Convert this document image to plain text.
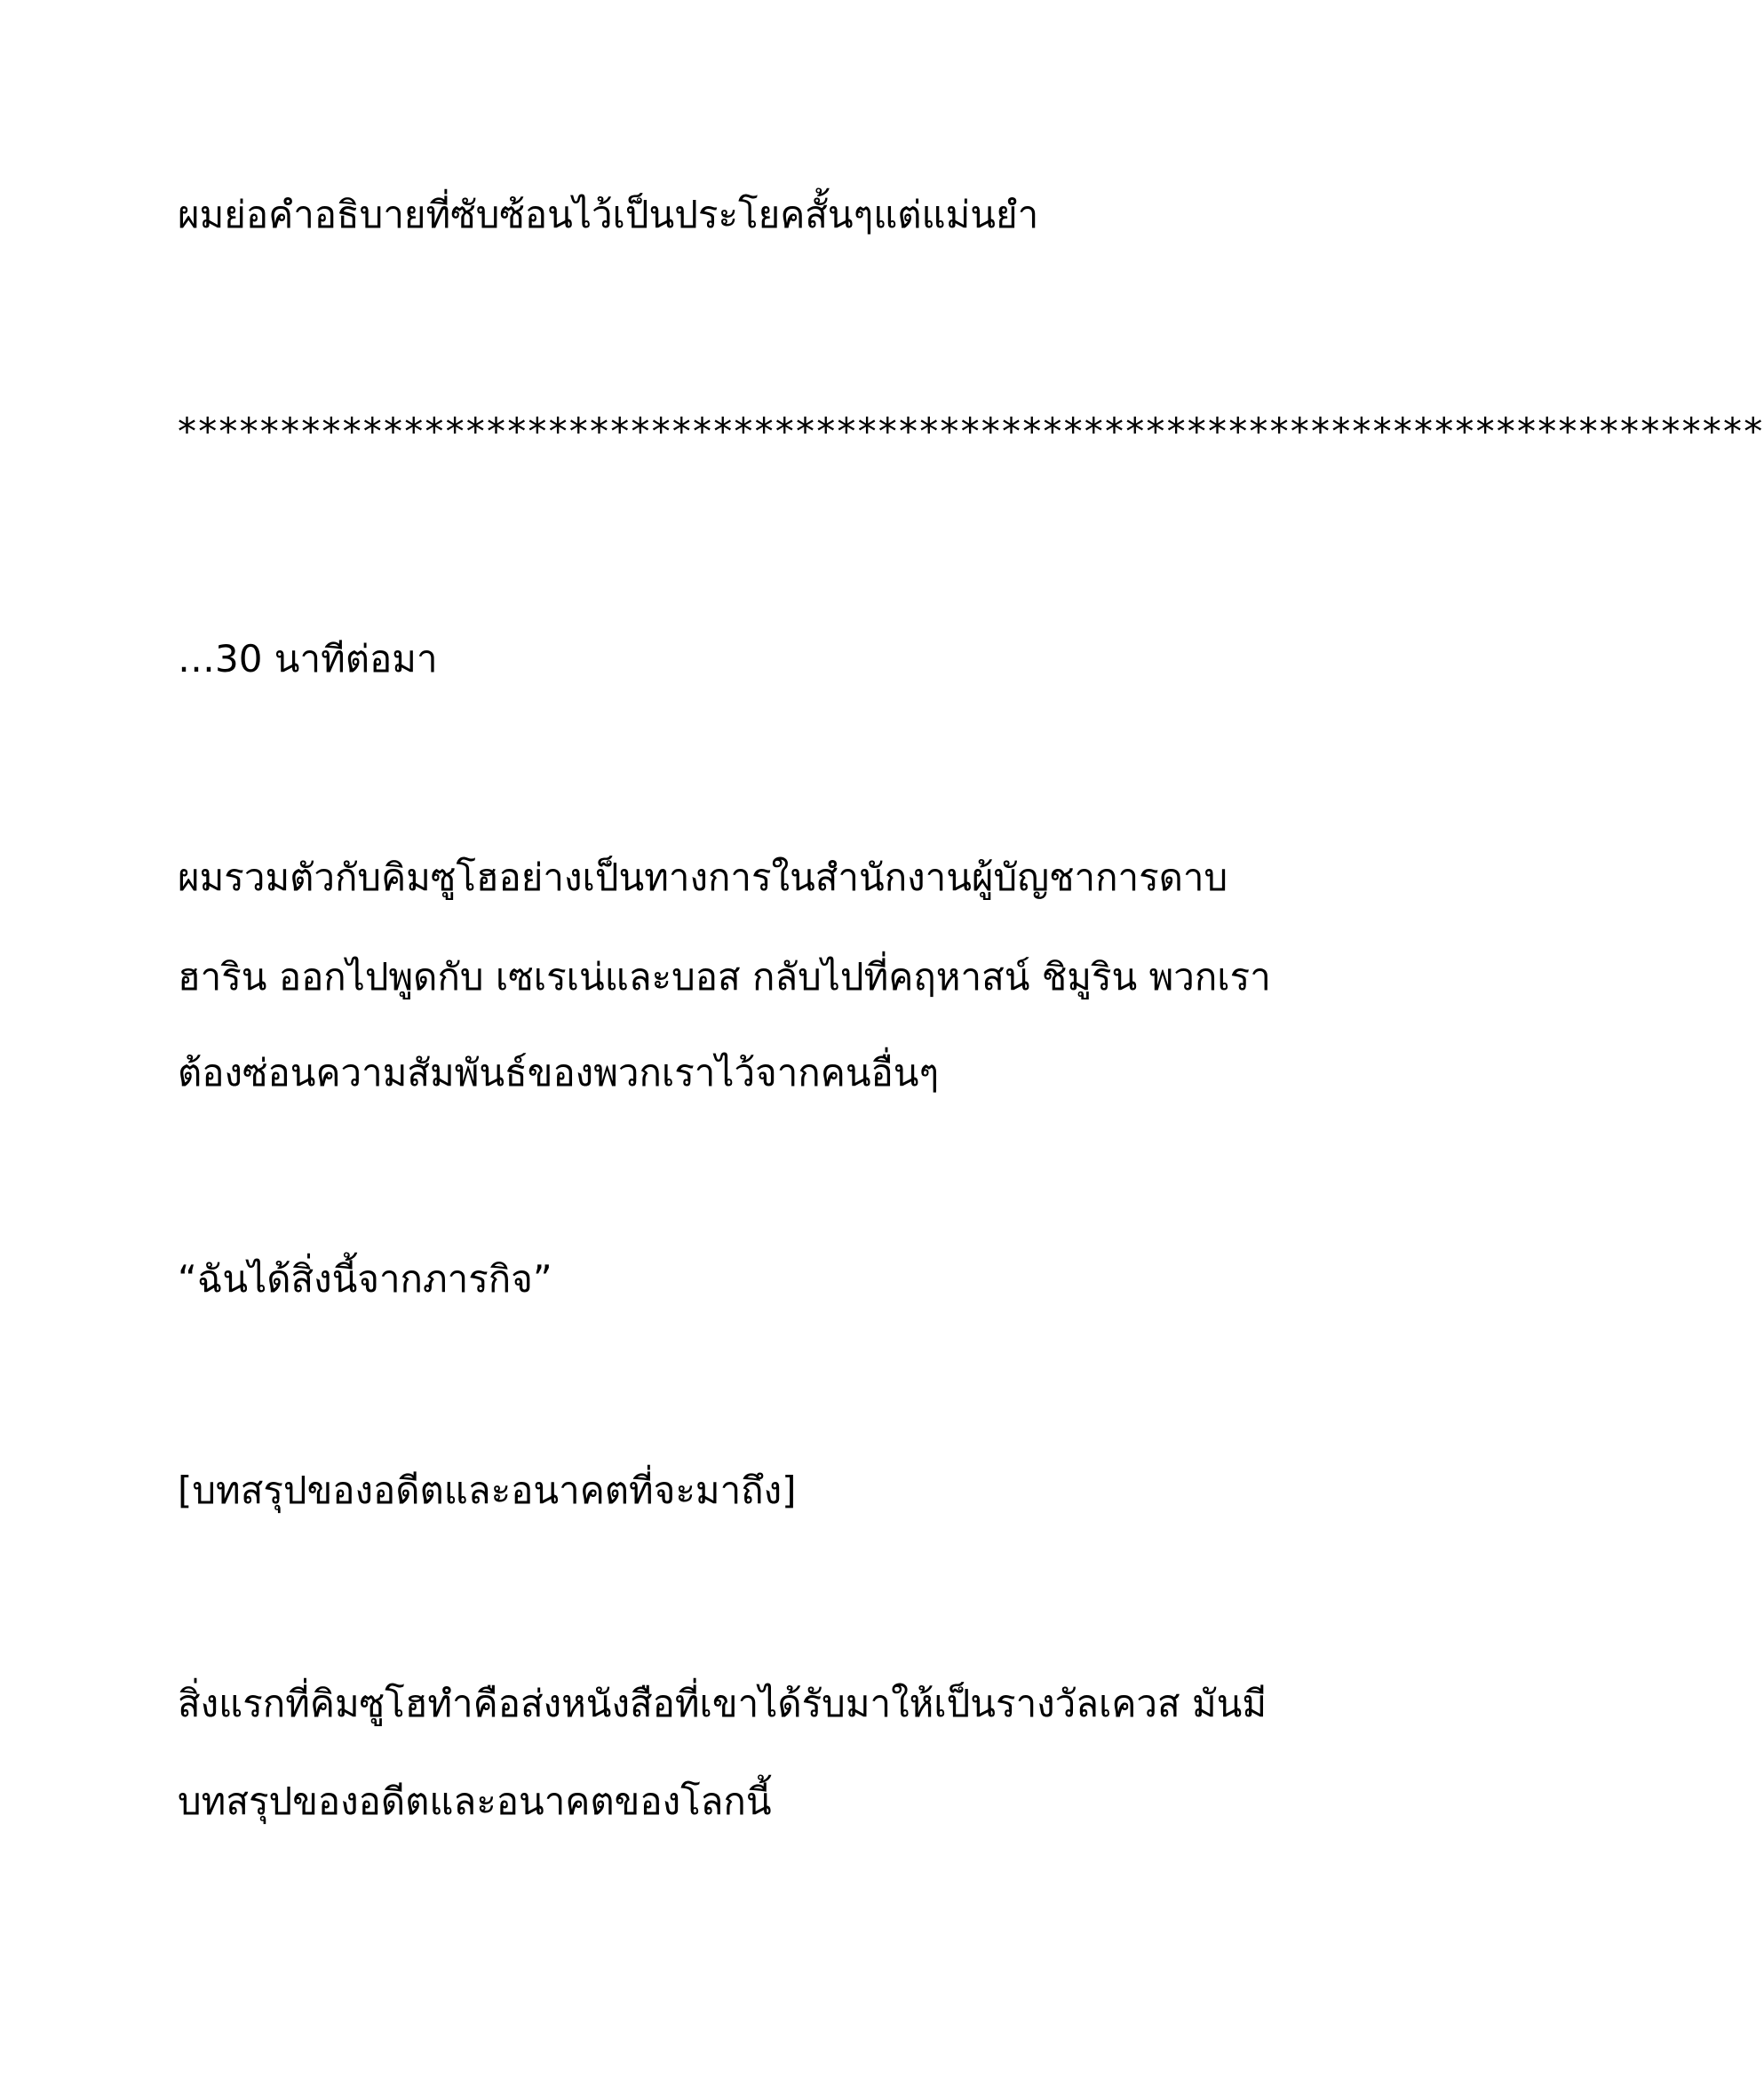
ผมย่อคำอธิบายที่ซับซ้อนไว้เป็นประโยคสั้นๆแต่แม่นยำ

*****************************************************************************

…30 นาทีต่อมา

ผมรวมตัวกับคิมซูโฮอย่างเป็นทางการในสำนักงานผู้บัญชาการดาบ

ฮาริน ออกไปพูดกับ เซเรเน่และบอส กลับไปที่คฤหาสน์ ชิมูริน พวกเรา

ต้องซ่อนความสัมพันธ์ของพวกเราไว้จากคนอื่นๆ

“ฉันได้สิ่งนี้จากภารกิจ”

[บทสรุปของอดีตและอนาคตที่จะมาถึง]

สิ่งแรกที่คิมซูโฮทำคือส่งหนังสือที่เขาได้รับมาให้เป็นรางวัลเควส มันมี

บทสรุปของอดีตและอนาคตของโลกนี้
